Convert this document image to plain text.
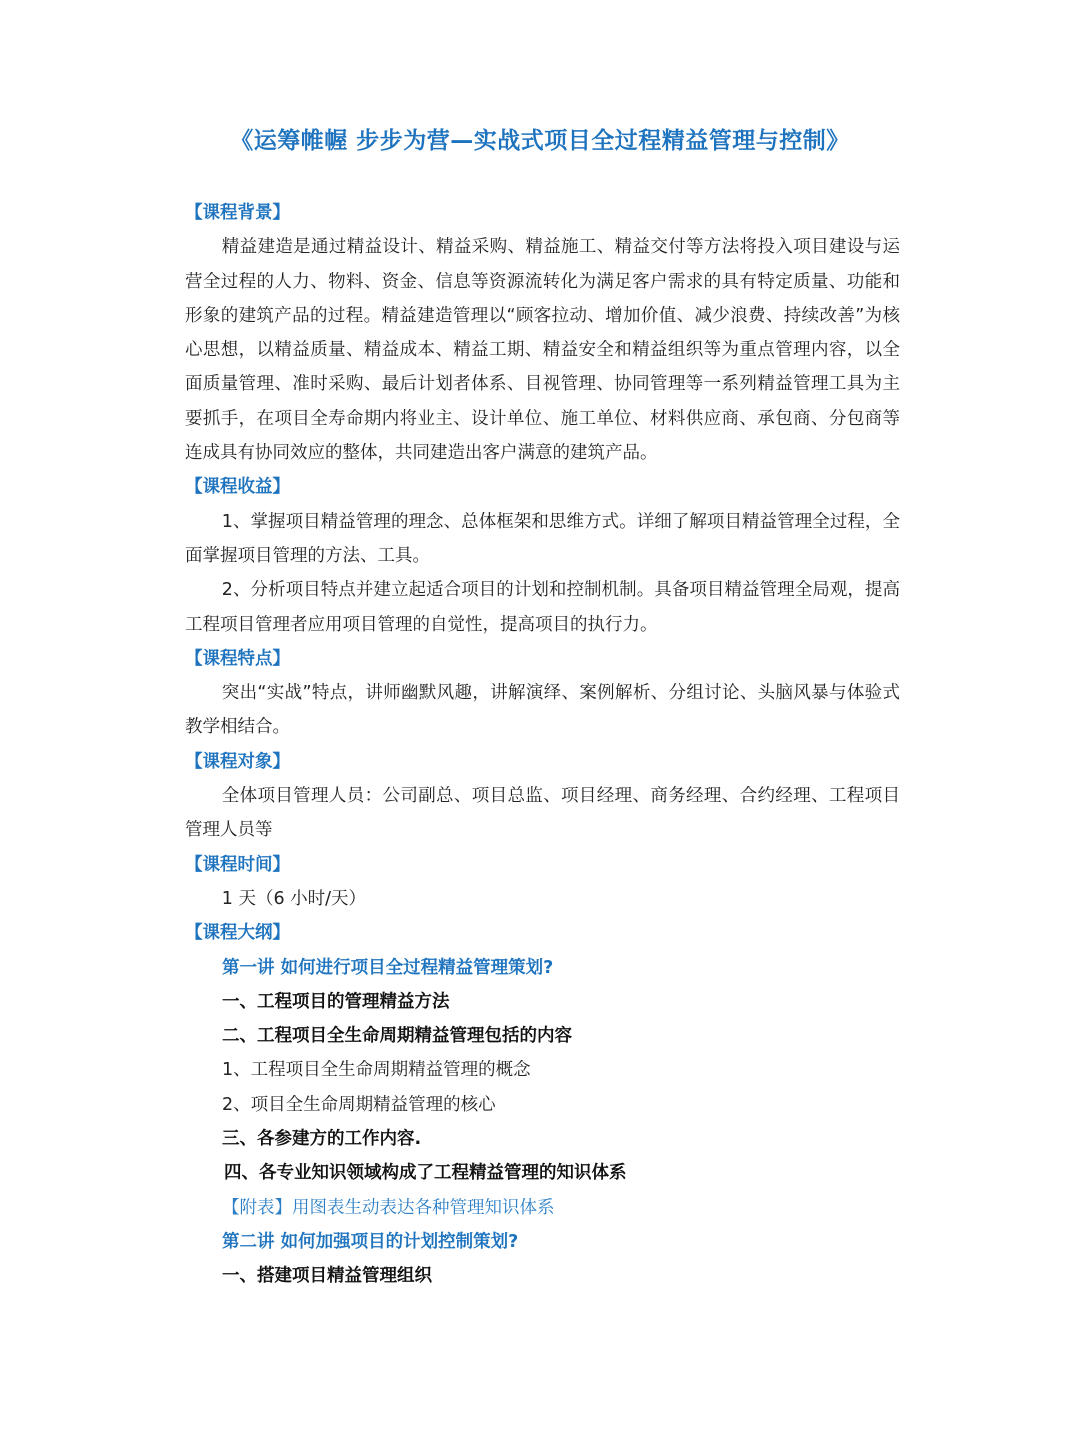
《运筹帷幄 步步为营—实战式项目全过程精益管理与控制》

【课程背景】

精益建造是通过精益设计、精益采购、精益施工、精益交付等方法将投入项目建设与运营全过程的人力、物料、资金、信息等资源流转化为满足客户需求的具有特定质量、功能和形象的建筑产品的过程。精益建造管理以“顾客拉动、增加价值、减少浪费、持续改善”为核心思想，以精益质量、精益成本、精益工期、精益安全和精益组织等为重点管理内容，以全面质量管理、准时采购、最后计划者体系、目视管理、协同管理等一系列精益管理工具为主要抓手，在项目全寿命期内将业主、设计单位、施工单位、材料供应商、承包商、分包商等连成具有协同效应的整体，共同建造出客户满意的建筑产品。

【课程收益】

1、掌握项目精益管理的理念、总体框架和思维方式。详细了解项目精益管理全过程，全面掌握项目管理的方法、工具。

2、分析项目特点并建立起适合项目的计划和控制机制。具备项目精益管理全局观，提高工程项目管理者应用项目管理的自觉性，提高项目的执行力。

【课程特点】

突出“实战”特点，讲师幽默风趣，讲解演绎、案例解析、分组讨论、头脑风暴与体验式教学相结合。

【课程对象】

全体项目管理人员：公司副总、项目总监、项目经理、商务经理、合约经理、工程项目管理人员等

【课程时间】

1 天（6 小时/天）

【课程大纲】

第一讲 如何进行项目全过程精益管理策划?

一、工程项目的管理精益方法

二、工程项目全生命周期精益管理包括的内容

1、工程项目全生命周期精益管理的概念

2、项目全生命周期精益管理的核心

三、各参建方的工作内容.

四、各专业知识领域构成了工程精益管理的知识体系

【附表】用图表生动表达各种管理知识体系

第二讲 如何加强项目的计划控制策划?

一、搭建项目精益管理组织
